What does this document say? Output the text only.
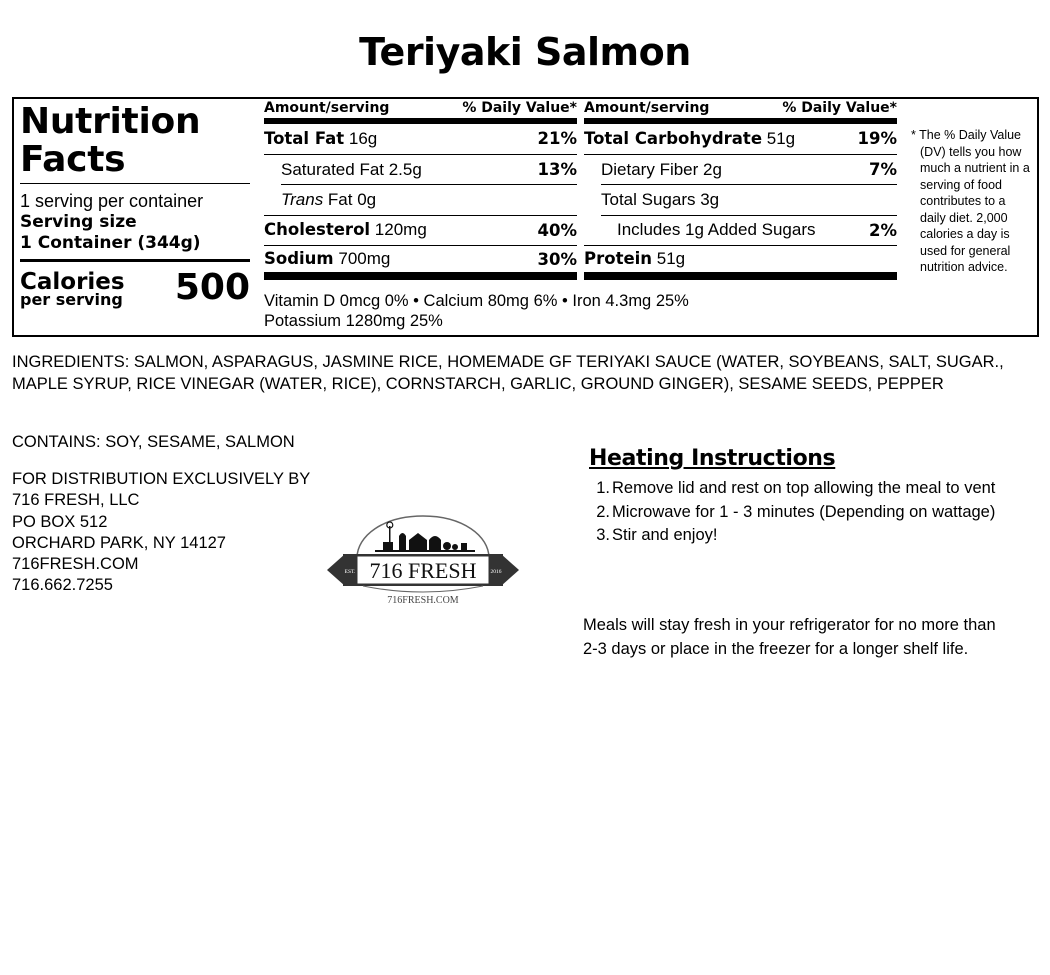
Teriyaki Salmon
Nutrition
Facts
1 serving per container
Serving size
1 Container (344g)
Calories
per serving 500
Amount/serving	% Daily Value*
Total Fat 16g	21%
Saturated Fat 2.5g	13%
Trans Fat 0g
Cholesterol 120mg	40%
Sodium 700mg	30%
Amount/serving	% Daily Value*
Total Carbohydrate 51g	19%
Dietary Fiber 2g	7%
Total Sugars 3g
Includes 1g Added Sugars	2%
Protein 51g
Vitamin D 0mcg 0% • Calcium 80mg 6% • Iron 4.3mg 25%
Potassium 1280mg 25%
* The % Daily Value
(DV) tells you how much a nutrient in a serving of food contributes to a daily diet. 2,000 calories a day is used for general nutrition advice.
INGREDIENTS: SALMON, ASPARAGUS, JASMINE RICE, HOMEMADE GF TERIYAKI SAUCE (WATER, SOYBEANS, SALT, SUGAR., MAPLE SYRUP, RICE VINEGAR (WATER, RICE), CORNSTARCH, GARLIC, GROUND GINGER), SESAME SEEDS, PEPPER
CONTAINS: SOY, SESAME, SALMON
FOR DISTRIBUTION EXCLUSIVELY BY
716 FRESH, LLC
PO BOX 512
ORCHARD PARK, NY 14127
716FRESH.COM
716.662.7255
EST.	2016
716 FRESH
716FRESH.COM
Heating Instructions
1. Remove lid and rest on top allowing the meal to vent
2. Microwave for 1 - 3 minutes (Depending on wattage)
3. Stir and enjoy!
Meals will stay fresh in your refrigerator for no more than 2-3 days or place in the freezer for a longer shelf life.
